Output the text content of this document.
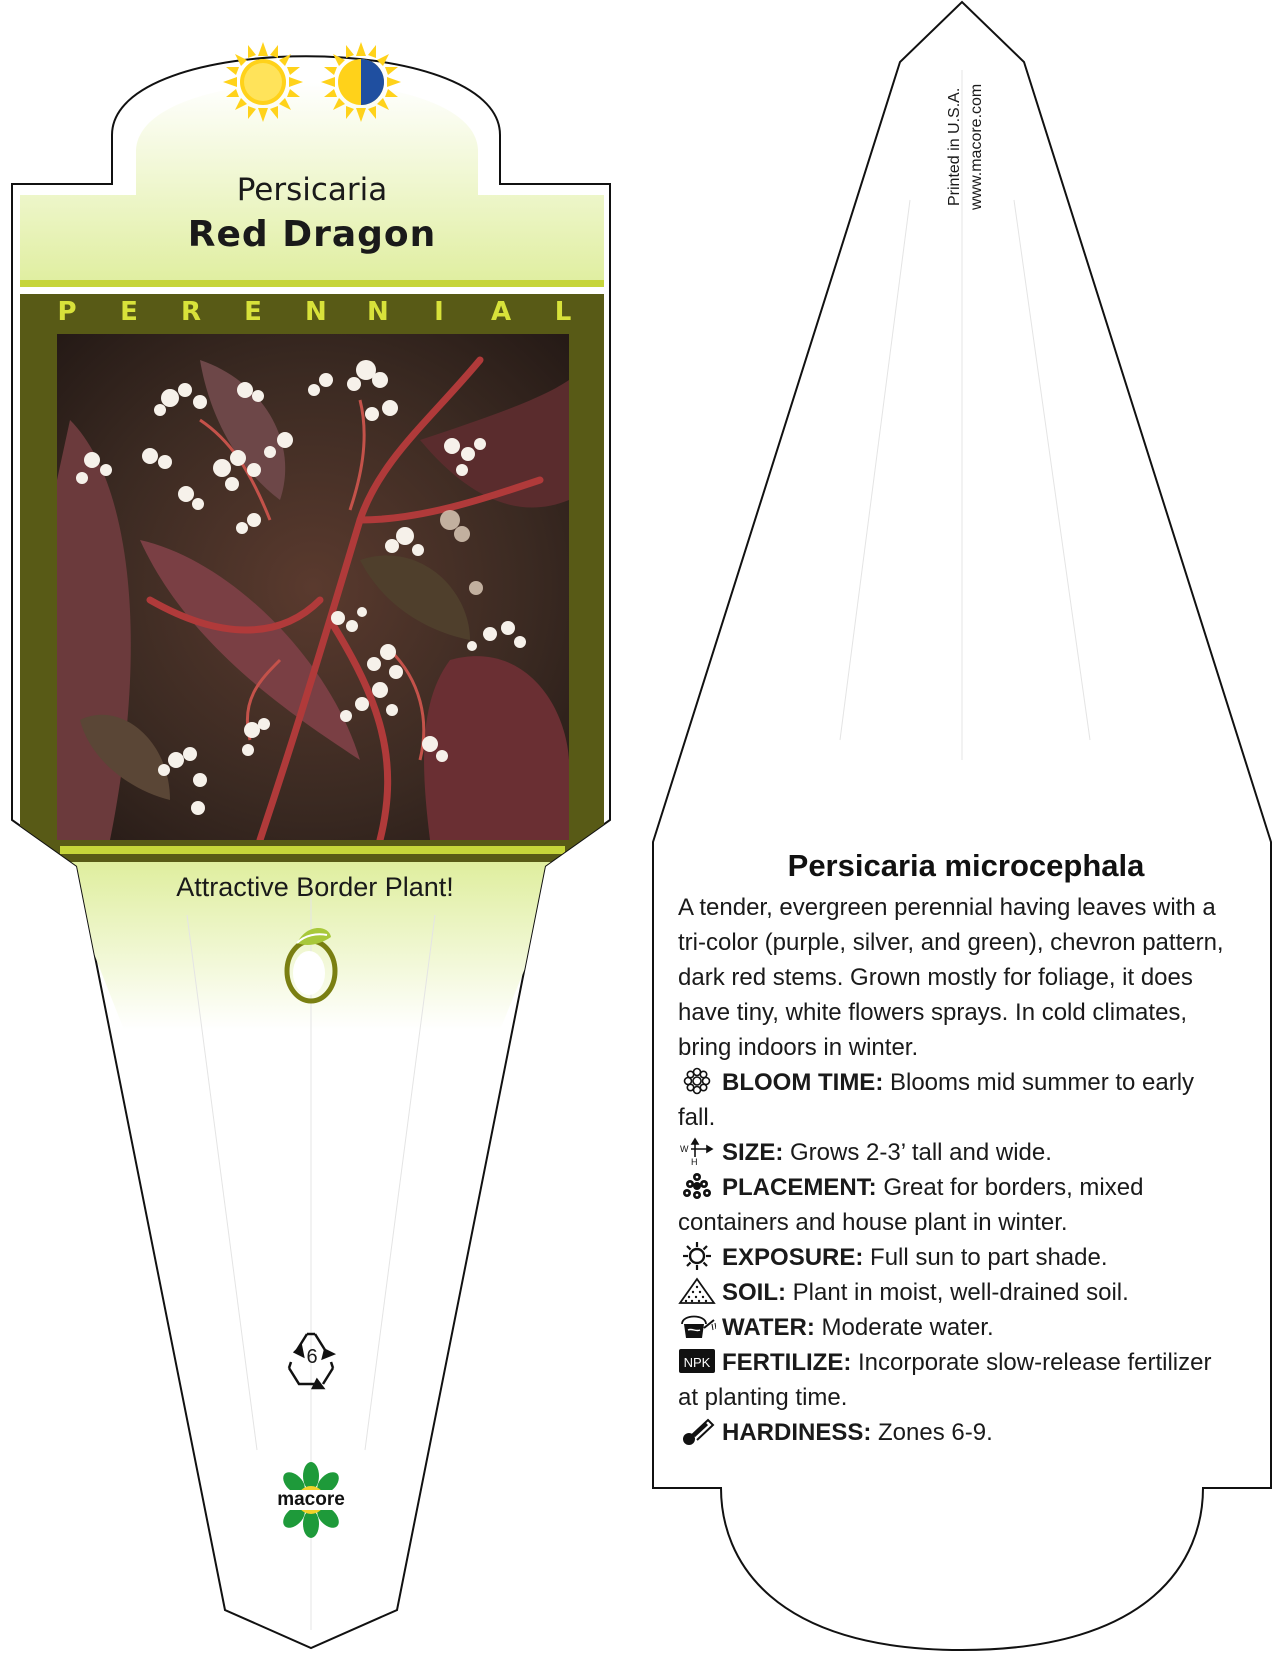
Persicaria
Red Dragon
P E R E N N I A L
Attractive Border Plant!
6
macore
Printed in U.S.A. www.macore.com
Persicaria microcephala

A tender, evergreen perennial having leaves with a tri-color (purple, silver, and green), chevron pattern, dark red stems. Grown mostly for foliage, it does have tiny, white flowers sprays. In cold climates, bring indoors in winter.

BLOOM TIME: Blooms mid summer to early fall.

W
H SIZE: Grows 2-3’ tall and wide.

PLACEMENT: Great for borders, mixed containers and house plant in winter.

EXPOSURE: Full sun to part shade.

SOIL: Plant in moist, well-drained soil.

WATER: Moderate water.

NPK FERTILIZE: Incorporate slow-release fertilizer at planting time.

HARDINESS: Zones 6-9.
